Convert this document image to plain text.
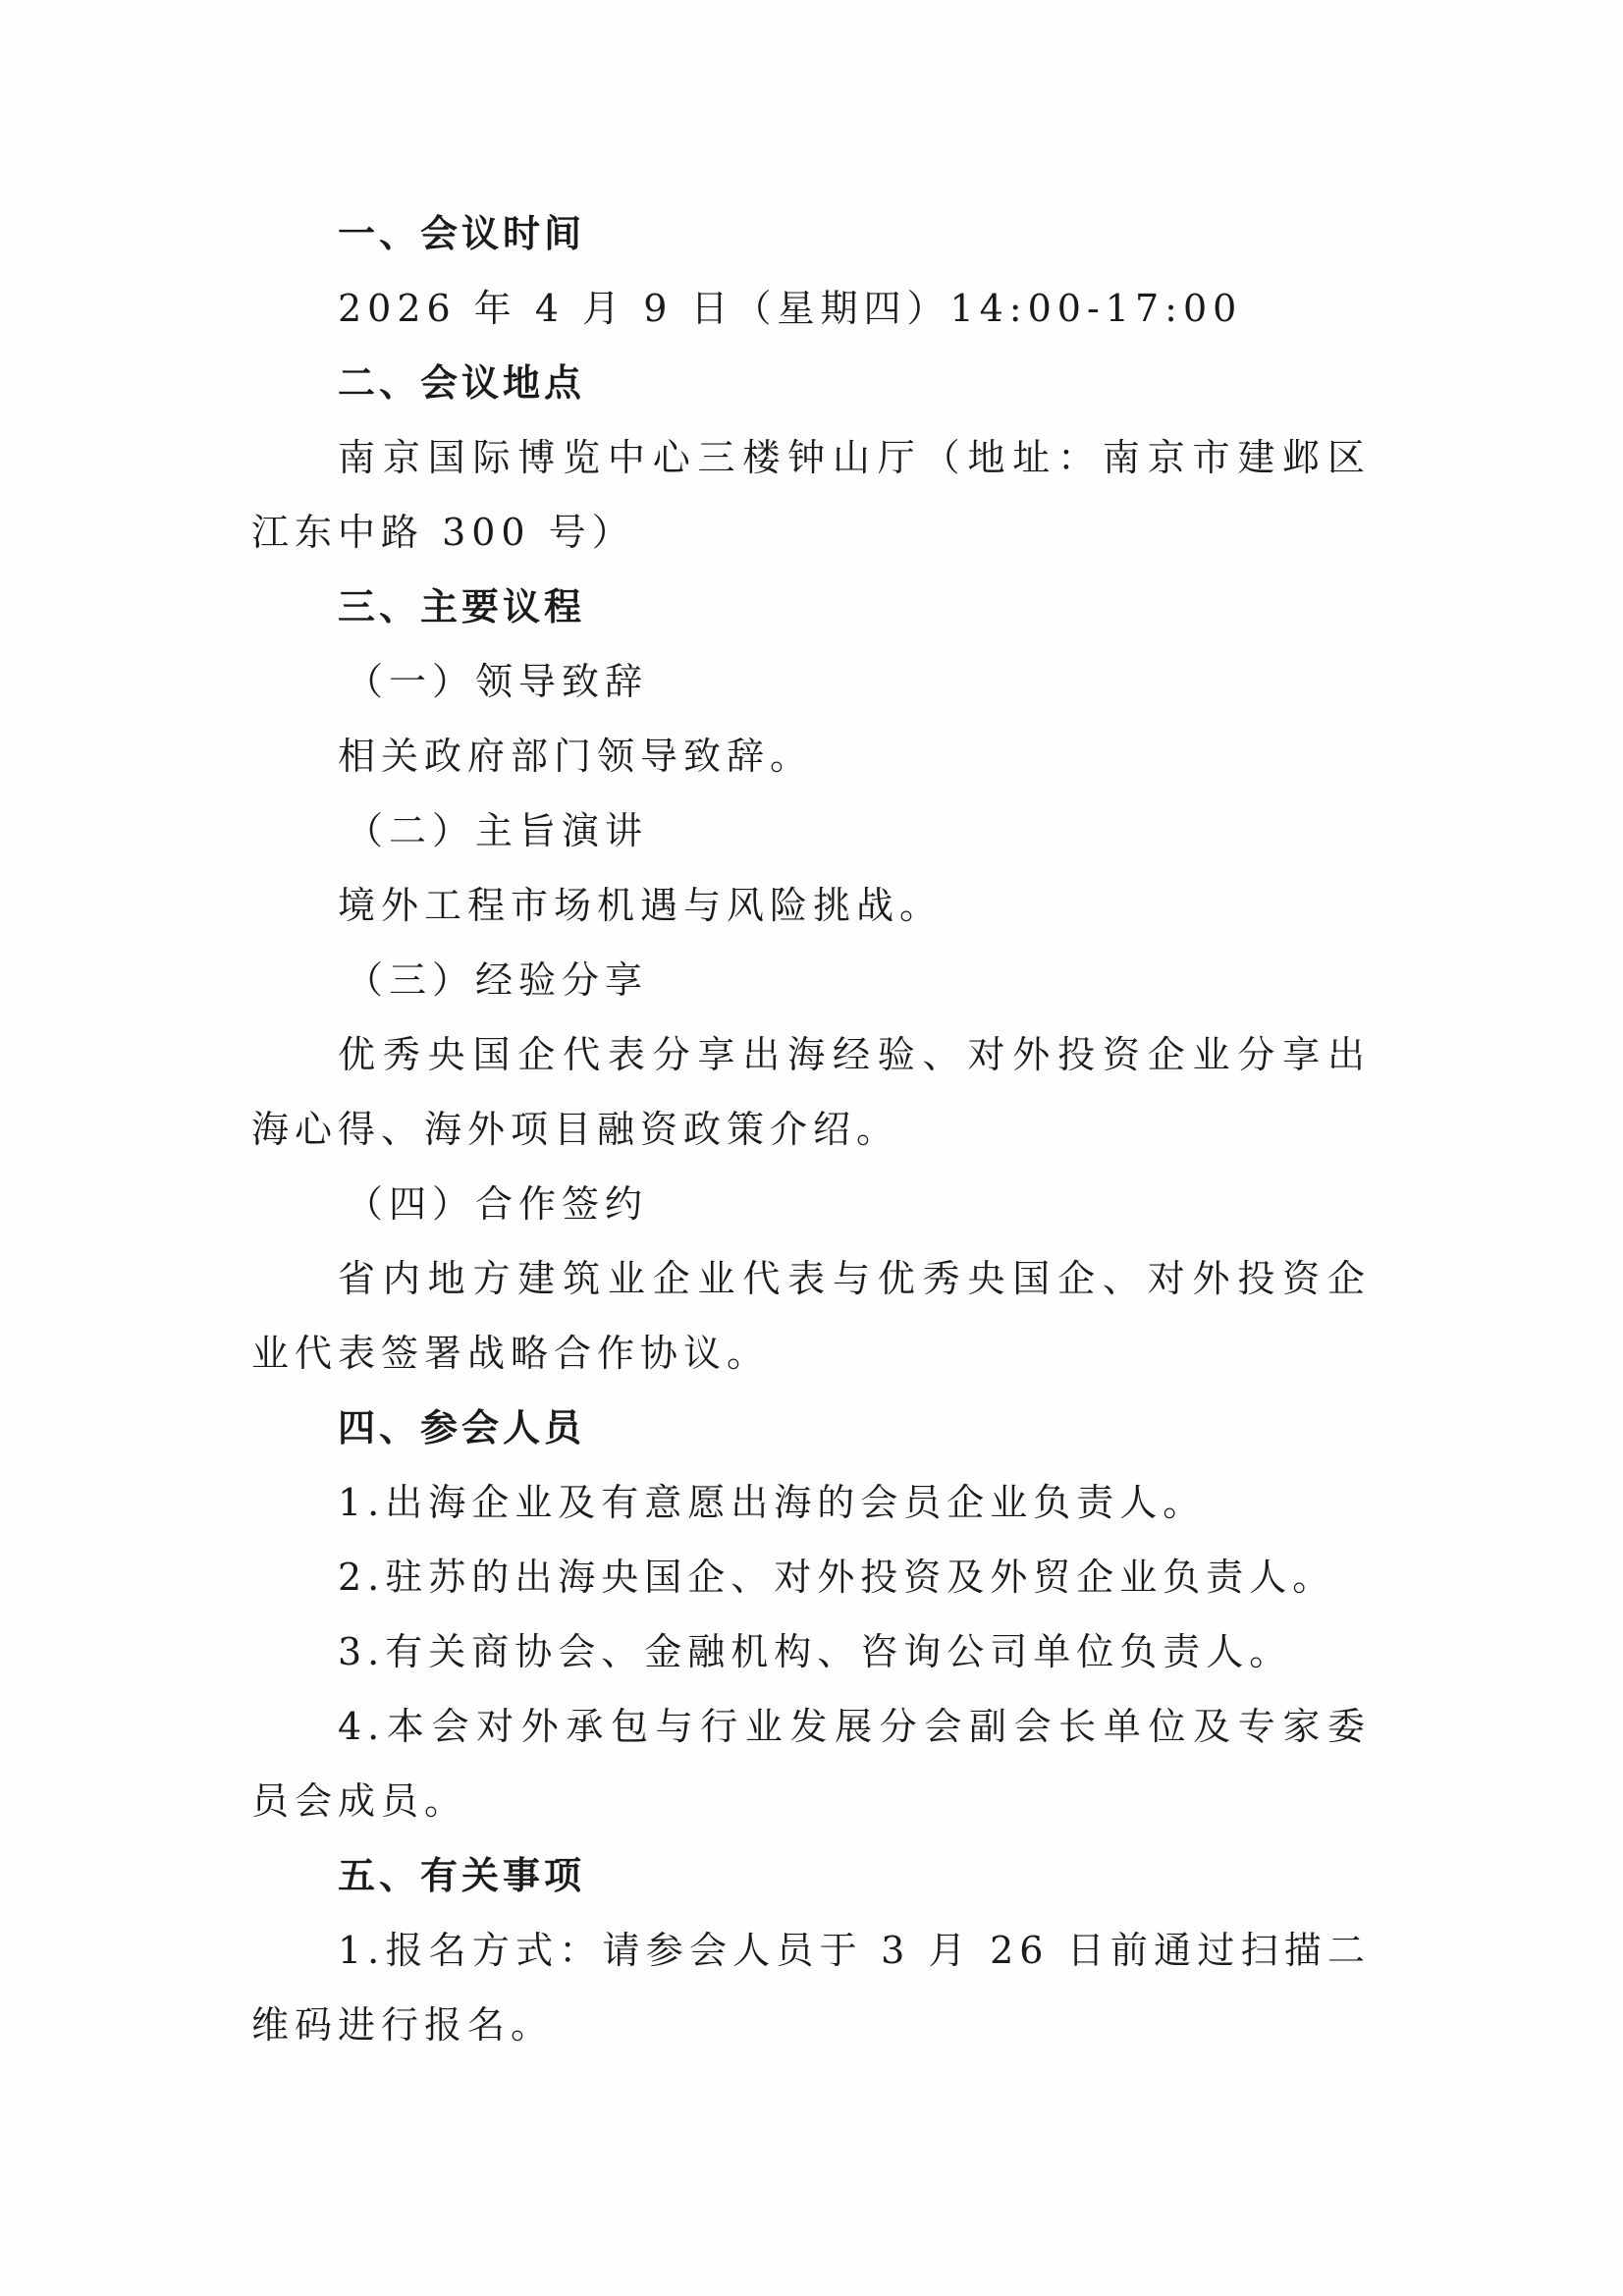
一、会议时间

2026 年 4 月 9 日（星期四）14:00-17:00

二、会议地点

南京国际博览中心三楼钟山厅（地址：南京市建邺区江东中路 300 号）

三、主要议程

（一）领导致辞

相关政府部门领导致辞。

（二）主旨演讲

境外工程市场机遇与风险挑战。

（三）经验分享

优秀央国企代表分享出海经验、对外投资企业分享出海心得、海外项目融资政策介绍。

（四）合作签约

省内地方建筑业企业代表与优秀央国企、对外投资企业代表签署战略合作协议。

四、参会人员

1.出海企业及有意愿出海的会员企业负责人。

2.驻苏的出海央国企、对外投资及外贸企业负责人。

3.有关商协会、金融机构、咨询公司单位负责人。

4.本会对外承包与行业发展分会副会长单位及专家委员会成员。

五、有关事项

1.报名方式：请参会人员于 3 月 26 日前通过扫描二维码进行报名。
